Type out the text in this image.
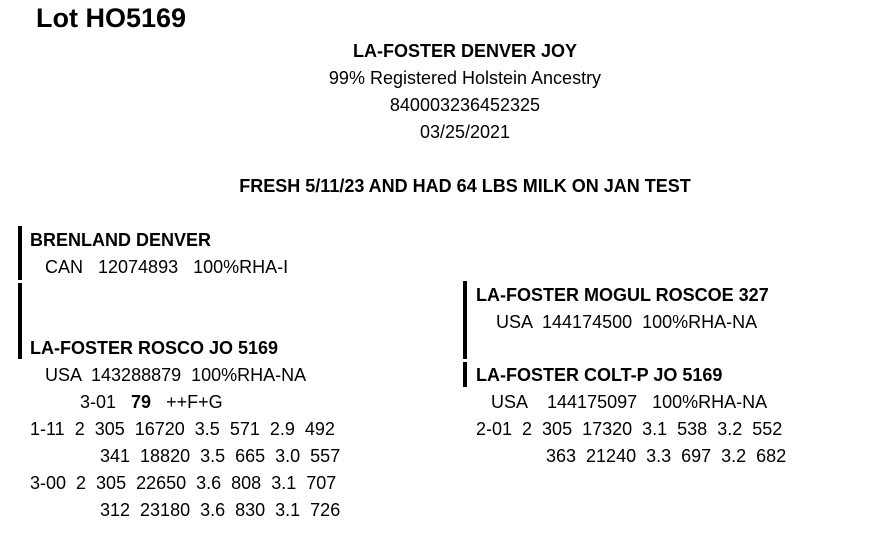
Lot HO5169
LA-FOSTER DENVER JOY
99% Registered Holstein Ancestry
840003236452325
03/25/2021
FRESH 5/11/23 AND HAD 64 LBS MILK ON JAN TEST
BRENLAND DENVER
CAN   12074893   100%RHA-I
LA-FOSTER ROSCO JO 5169
USA  143288879  100%RHA-NA
3-01 79 ++F+G
1-11  2  305  16720  3.5  571  2.9  492
341  18820  3.5  665  3.0  557
3-00  2  305  22650  3.6  808  3.1  707
312  23180  3.6  830  3.1  726
LA-FOSTER MOGUL ROSCOE 327
USA  144174500  100%RHA-NA
LA-FOSTER COLT-P JO 5169
USA    144175097   100%RHA-NA
2-01  2  305  17320  3.1  538  3.2  552
363  21240  3.3  697  3.2  682
